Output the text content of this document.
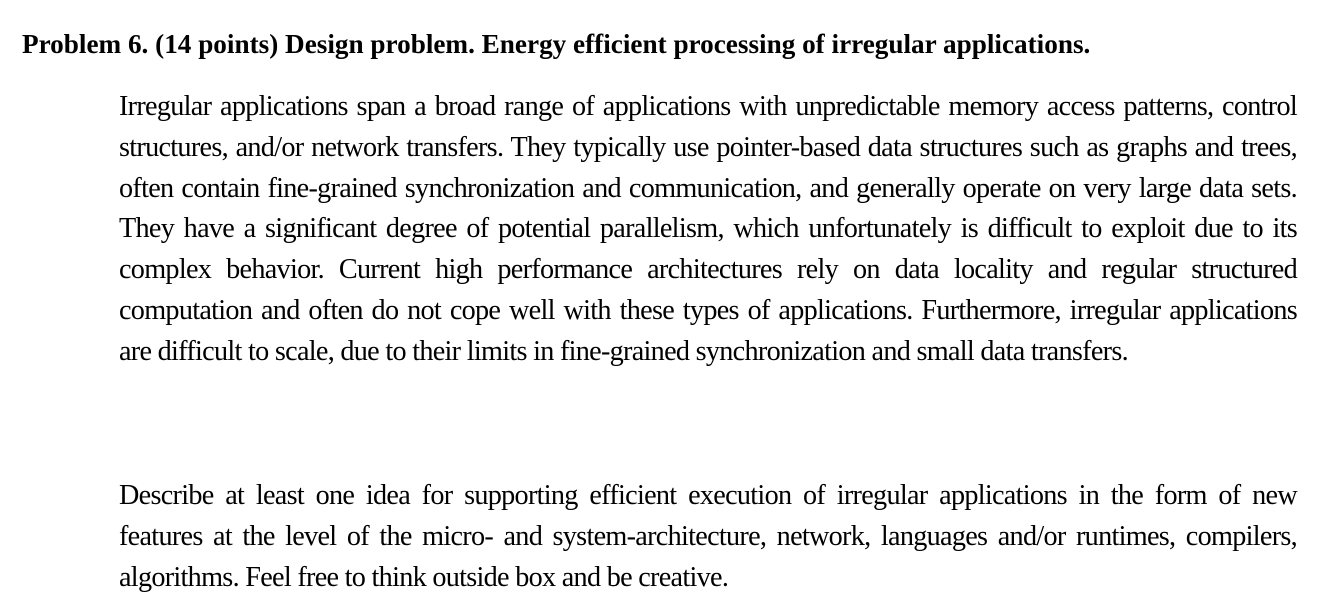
Problem 6. (14 points) Design problem. Energy efficient processing of irregular applications.

Irregular applications span a broad range of applications with unpredictable memory access patterns, control structures, and/or network transfers. They typically use pointer-based data structures such as graphs and trees, often contain fine-grained synchronization and communication, and generally operate on very large data sets. They have a significant degree of potential parallelism, which unfortunately is difficult to exploit due to its complex behavior. Current high performance architectures rely on data locality and regular structured computation and often do not cope well with these types of applications. Furthermore, irregular applications are difficult to scale, due to their limits in fine-grained synchronization and small data transfers.

Describe at least one idea for supporting efficient execution of irregular applications in the form of new features at the level of the micro- and system-architecture, network, languages and/or runtimes, compilers, algorithms. Feel free to think outside box and be creative.
